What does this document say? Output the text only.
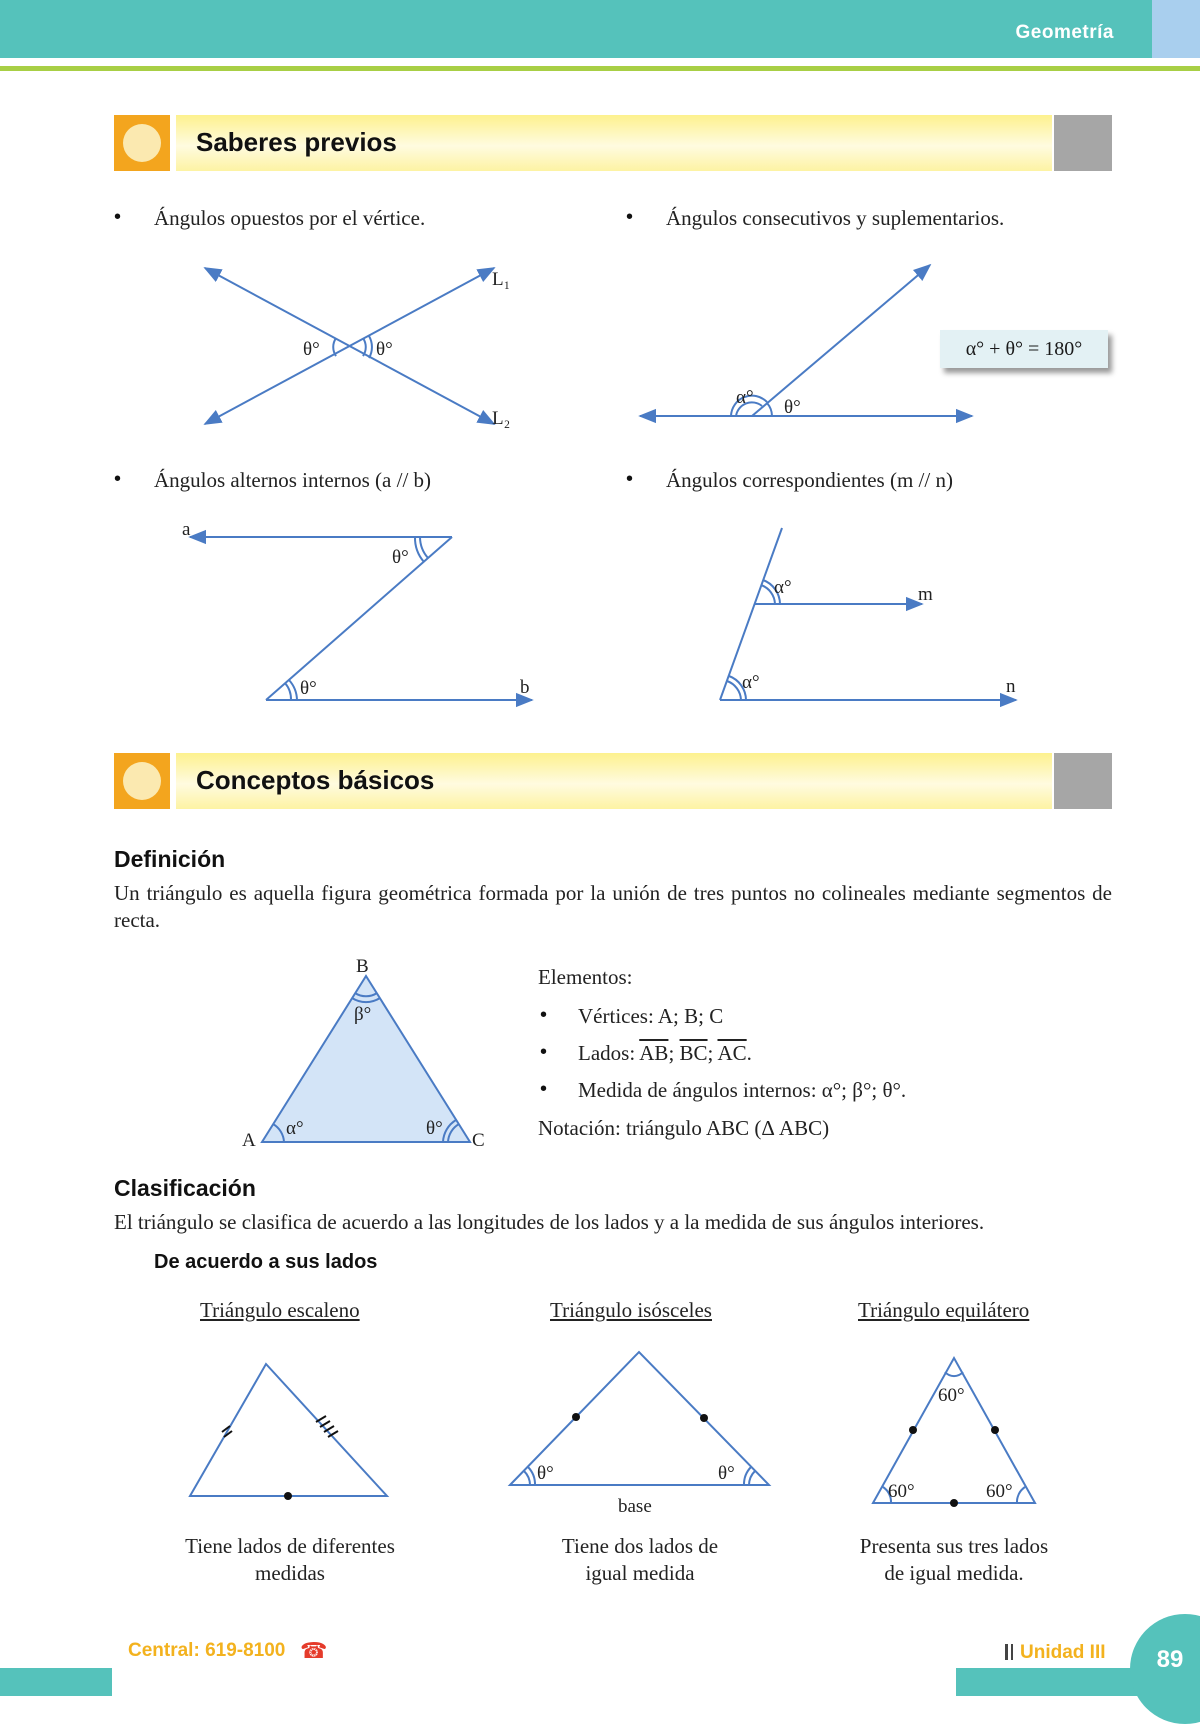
Geometría
Saberes previos
• Ángulos opuestos por el vértice.	• Ángulos consecutivos y suplementarios.
• Ángulos alternos internos (a // b)	• Ángulos correspondientes (m // n)
α° + θ° = 180°
L₁
L₂
θ°	θ°
α° θ°
a
b
θ°
θ°
α°
α°
m
n
B
A	C
α°
β°
θ°
θ°	θ°
base
60°
60°	60°
Conceptos básicos
Definición
Un triángulo es aquella figura geométrica formada por la unión de tres puntos no colineales mediante segmentos de recta.
Elementos:
• Vértices: A; B; C
• Lados: $\overline{AB}$; $\overline{BC}$; $\overline{AC}$.
• Medida de ángulos internos: α°; β°; θ°.
Notación: triángulo ABC (Δ ABC)
Clasificación
El triángulo se clasifica de acuerdo a las longitudes de los lados y a la medida de sus ángulos interiores.
De acuerdo a sus lados
Triángulo escaleno	Triángulo isósceles	Triángulo equilátero
Tiene lados de diferentes
medidas
Tiene dos lados de
igual medida
Presenta sus tres lados
de igual medida.
89
Central: 619-8100 ☎	Unidad III
